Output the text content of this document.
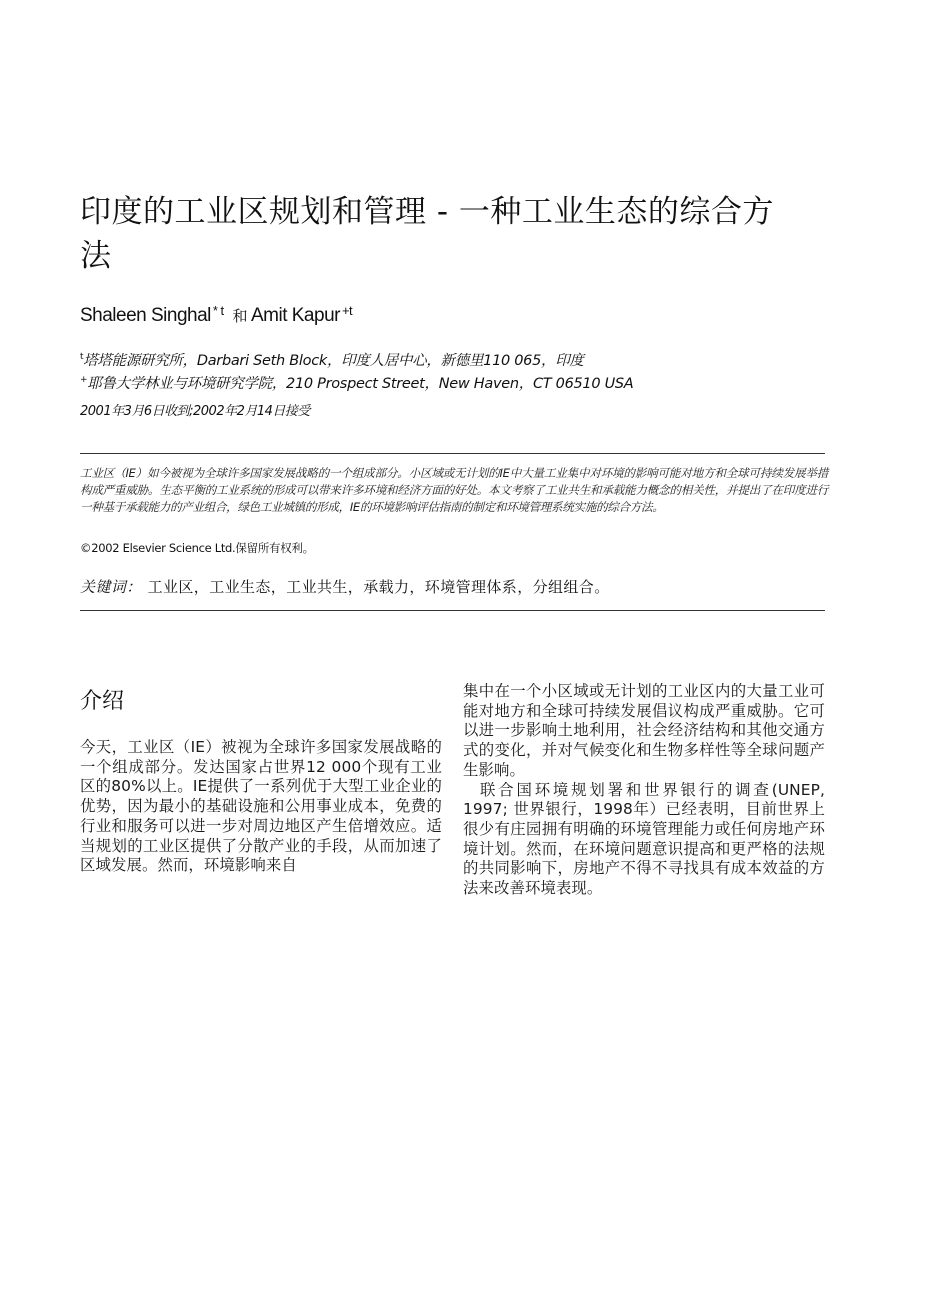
印度的工业区规划和管理 - 一种工业生态的综合方法
Shaleen Singhal $^{* t}$ 和 Amit Kapur $^{+t}$
$^t$塔塔能源研究所，Darbari Seth Block，印度人居中心，新德里110 065，印度
+耶鲁大学林业与环境研究学院，210 Prospect Street，New Haven，CT 06510 USA
2001年3月6日收到;2002年2月14日接受
工业区（IE）如今被视为全球许多国家发展战略的一个组成部分。小区域或无计划的IE中大量工业集中对环境的影响可能对地方和全球可持续发展举措构成严重威胁。生态平衡的工业系统的形成可以带来许多环境和经济方面的好处。本文考察了工业共生和承载能力概念的相关性，并提出了在印度进行一种基于承载能力的产业组合，绿色工业城镇的形成，IE的环境影响评估指南的制定和环境管理系统实施的综合方法。
©2002 Elsevier Science Ltd.保留所有权利。
关键词： 工业区，工业生态，工业共生，承载力，环境管理体系，分组组合。
介绍

今天，工业区（IE）被视为全球许多国家发展战略的一个组成部分。发达国家占世界12 000个现有工业区的80%以上。IE提供了一系列优于大型工业企业的优势，因为最小的基础设施和公用事业成本，免费的行业和服务可以进一步对周边地区产生倍增效应。适当规划的工业区提供了分散产业的手段，从而加速了区域发展。然而，环境影响来自

集中在一个小区域或无计划的工业区内的大量工业可能对地方和全球可持续发展倡议构成严重威胁。它可以进一步影响土地利用，社会经济结构和其他交通方式的变化，并对气候变化和生物多样性等全球问题产生影响。

联合国环境规划署和世界银行的调查(UNEP, 1997; 世界银行，1998年）已经表明，目前世界上很少有庄园拥有明确的环境管理能力或任何房地产环境计划。然而，在环境问题意识提高和更严格的法规的共同影响下，房地产不得不寻找具有成本效益的方法来改善环境表现。
